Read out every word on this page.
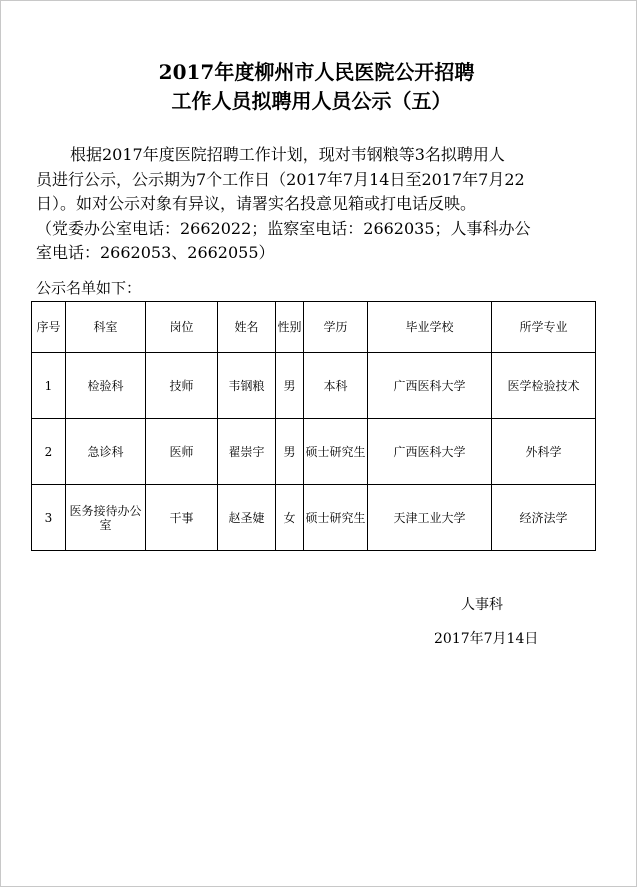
2017年度柳州市人民医院公开招聘
工作人员拟聘用人员公示（五）

根据2017年度医院招聘工作计划，现对韦钢粮等3名拟聘用人
员进行公示，公示期为7个工作日（2017年7月14日至2017年7月22
日）。如对公示对象有异议，请署实名投意见箱或打电话反映。
（党委办公室电话：2662022；监察室电话：2662035；人事科办公
室电话：2662053、2662055）

公示名单如下：
序号	科室	岗位	姓名	性别	学历	毕业学校	所学专业
1	检验科	技师	韦钢粮	男	本科	广西医科大学	医学检验技术
2	急诊科	医师	翟崇宇	男	硕士研究生	广西医科大学	外科学
3	医务接待办公室	干事	赵圣婕	女	硕士研究生	天津工业大学	经济法学
人事科
2017年7月14日
